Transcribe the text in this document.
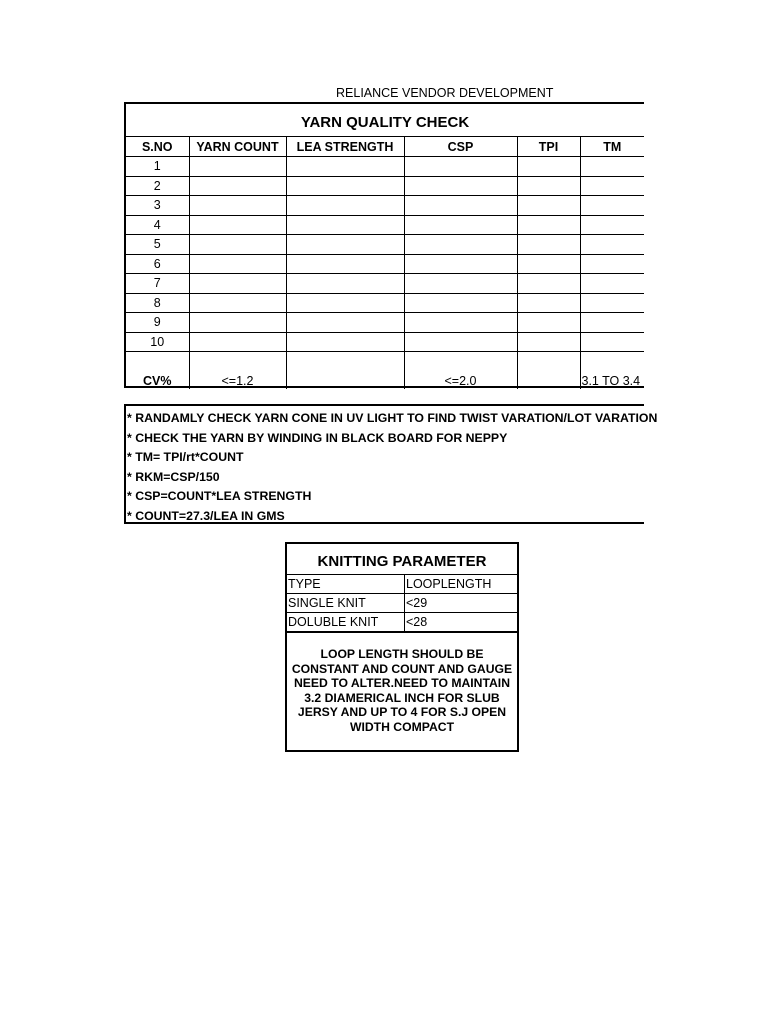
RELIANCE VENDOR DEVELOPMENT
YARN QUALITY CHECK
S.NO	YARN COUNT	LEA STRENGTH	CSP	TPI	TM
1					
2					
3					
4					
5					
6					
7					
8					
9					
10					
CV%	<=1.2		<=2.0		3.1 TO 3.4
* RANDAMLY CHECK YARN CONE IN UV LIGHT TO FIND TWIST VARATION/LOT VARATION
* CHECK THE YARN BY WINDING IN BLACK BOARD FOR NEPPY
* TM= TPI/rt*COUNT
* RKM=CSP/150
* CSP=COUNT*LEA STRENGTH
* COUNT=27.3/LEA IN GMS
KNITTING PARAMETER
TYPE	LOOPLENGTH
SINGLE KNIT	<29
DOLUBLE KNIT	<28
LOOP LENGTH SHOULD BE CONSTANT AND COUNT AND GAUGE NEED TO ALTER.NEED TO MAINTAIN 3.2 DIAMERICAL INCH FOR SLUB JERSY AND UP TO 4 FOR S.J OPEN WIDTH COMPACT
